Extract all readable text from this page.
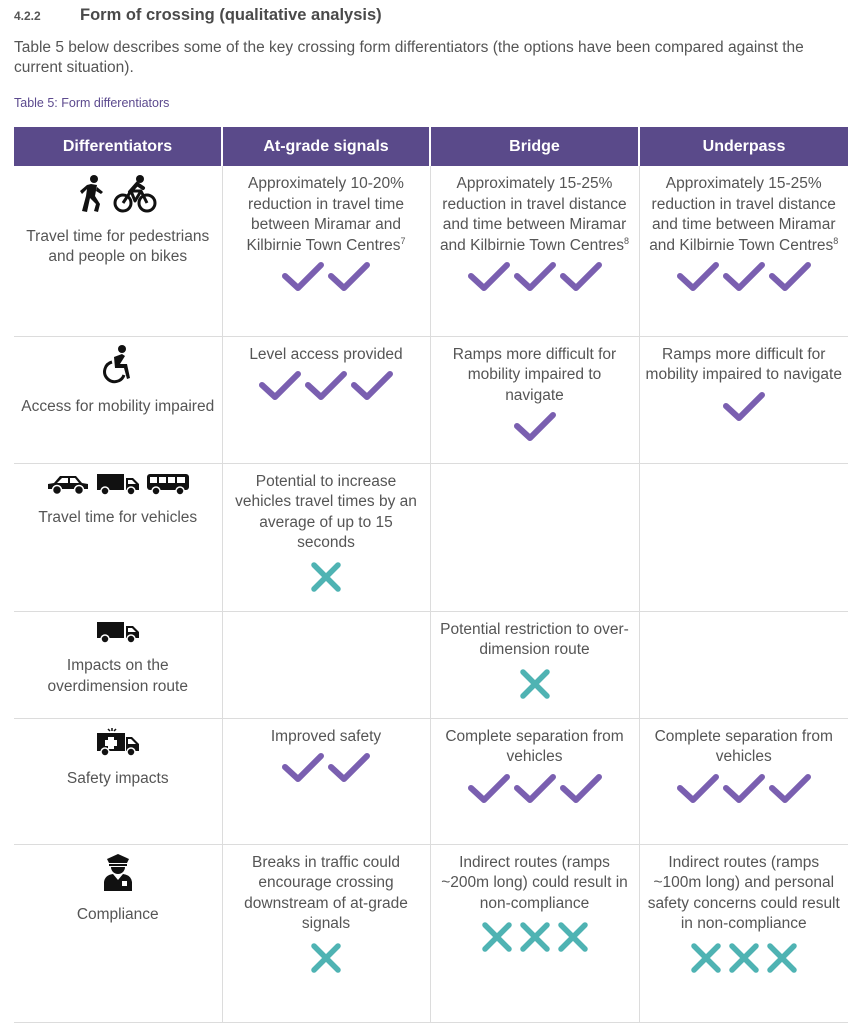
4.2.2	Form of crossing (qualitative analysis)

Table 5 below describes some of the key crossing form differentiators (the options have been compared against the current situation).

Table 5: Form differentiators
Differentiators	At-grade signals	Bridge	Underpass

Travel time for pedestrians and people on bikes	Approximately 10-20% reduction in travel time between Miramar and Kilbirnie Town Centres$^7$	Approximately 15-25% reduction in travel distance and time between Miramar and Kilbirnie Town Centres$^8$	Approximately 15-25% reduction in travel distance and time between Miramar and Kilbirnie Town Centres$^8$

Access for mobility impaired	Level access provided	Ramps more difficult for mobility impaired to navigate	Ramps more difficult for mobility impaired to navigate

Travel time for vehicles	Potential to increase vehicles travel times by an average of up to 15 seconds

Impacts on the overdimension route		Potential restriction to over-dimension route

Safety impacts	Improved safety	Complete separation from vehicles	Complete separation from vehicles

Compliance	Breaks in traffic could encourage crossing downstream of at-grade signals	Indirect routes (ramps ~200m long) could result in non-compliance	Indirect routes (ramps ~100m long) and personal safety concerns could result in non-compliance
